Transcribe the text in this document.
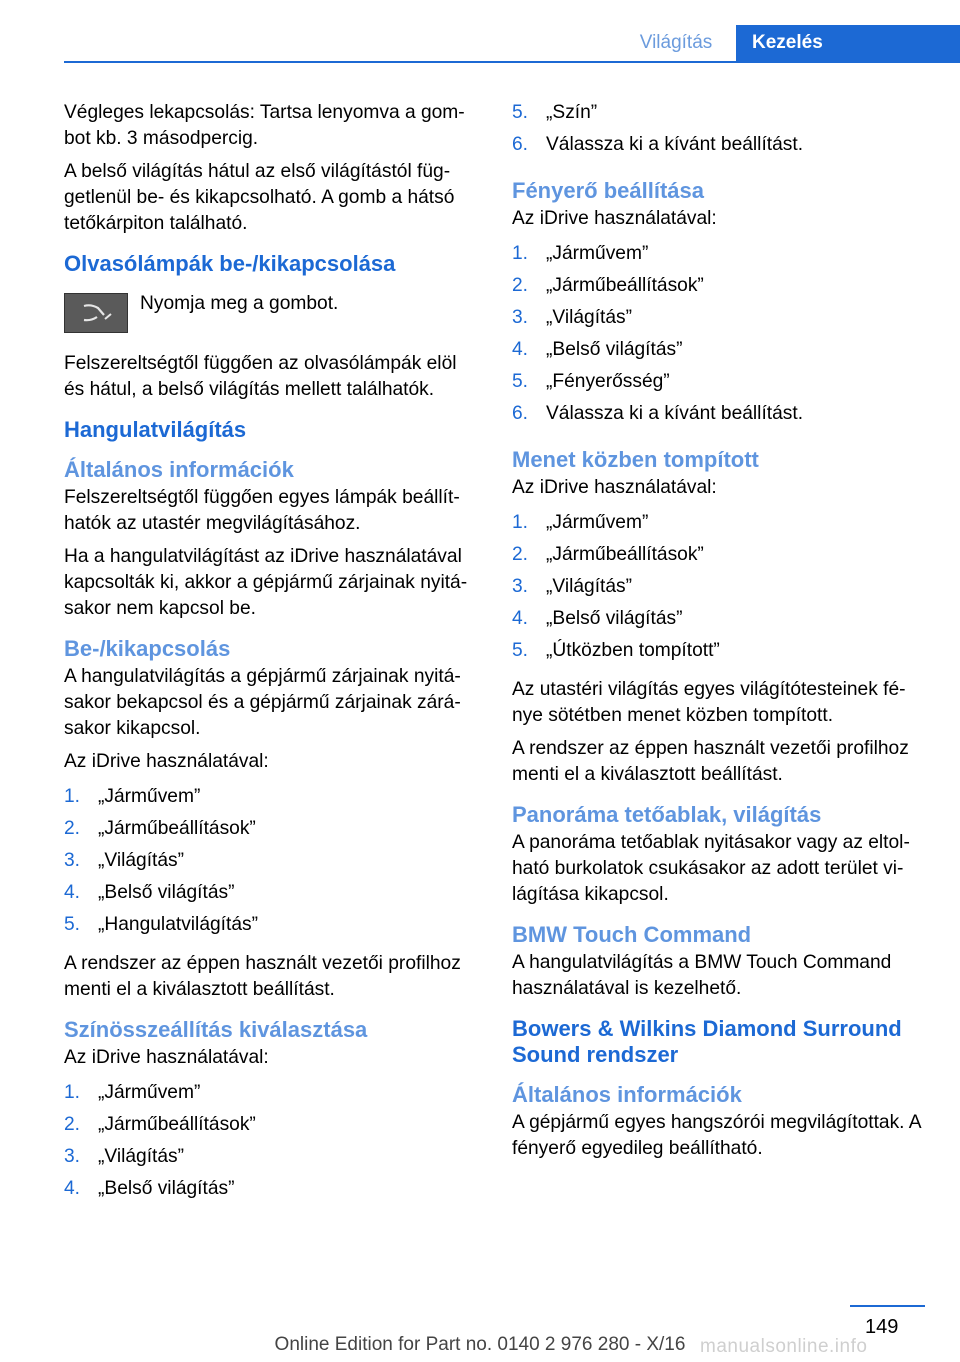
Világítás	Kezelés

Végleges lekapcsolás: Tartsa lenyomva a gombot kb. 3 másodpercig.

A belső világítás hátul az első világítástól függetlenül be- és kikapcsolható. A gomb a hátsó tetőkárpiton található.

Olvasólámpák be-/kikapcsolása
Nyomja meg a gombot.

Felszereltségtől függően az olvasólámpák elöl és hátul, a belső világítás mellett találhatók.

Hangulatvilágítás
Általános információk

Felszereltségtől függően egyes lámpák beállíthatók az utastér megvilágításához.

Ha a hangulatvilágítást az iDrive használatával kapcsolták ki, akkor a gépjármű zárjainak nyitásakor nem kapcsol be.

Be-/kikapcsolás

A hangulatvilágítás a gépjármű zárjainak nyitásakor bekapcsol és a gépjármű zárjainak zárásakor kikapcsol.

Az iDrive használatával:

1. „Járművem”
2. „Járműbeállítások”
3. „Világítás”
4. „Belső világítás”
5. „Hangulatvilágítás”

A rendszer az éppen használt vezetői profilhoz menti el a kiválasztott beállítást.

Színösszeállítás kiválasztása

Az iDrive használatával:

1. „Járművem”
2. „Járműbeállítások”
3. „Világítás”
4. „Belső világítás”
5. „Szín”
6. Válassza ki a kívánt beállítást.
Fényerő beállítása

Az iDrive használatával:

1. „Járművem”
2. „Járműbeállítások”
3. „Világítás”
4. „Belső világítás”
5. „Fényerősség”
6. Válassza ki a kívánt beállítást.
Menet közben tompított

Az iDrive használatával:

1. „Járművem”
2. „Járműbeállítások”
3. „Világítás”
4. „Belső világítás”
5. „Útközben tompított”

Az utastéri világítás egyes világítótesteinek fénye sötétben menet közben tompított.

A rendszer az éppen használt vezetői profilhoz menti el a kiválasztott beállítást.

Panoráma tetőablak, világítás

A panoráma tetőablak nyitásakor vagy az eltolható burkolatok csukásakor az adott terület világítása kikapcsol.

BMW Touch Command

A hangulatvilágítás a BMW Touch Command használatával is kezelhető.

Bowers & Wilkins Diamond Surround Sound rendszer
Általános információk

A gépjármű egyes hangszórói megvilágítottak. A fényerő egyedileg beállítható.

149
Online Edition for Part no. 0140 2 976 280 - X/16 manualsonline.info
